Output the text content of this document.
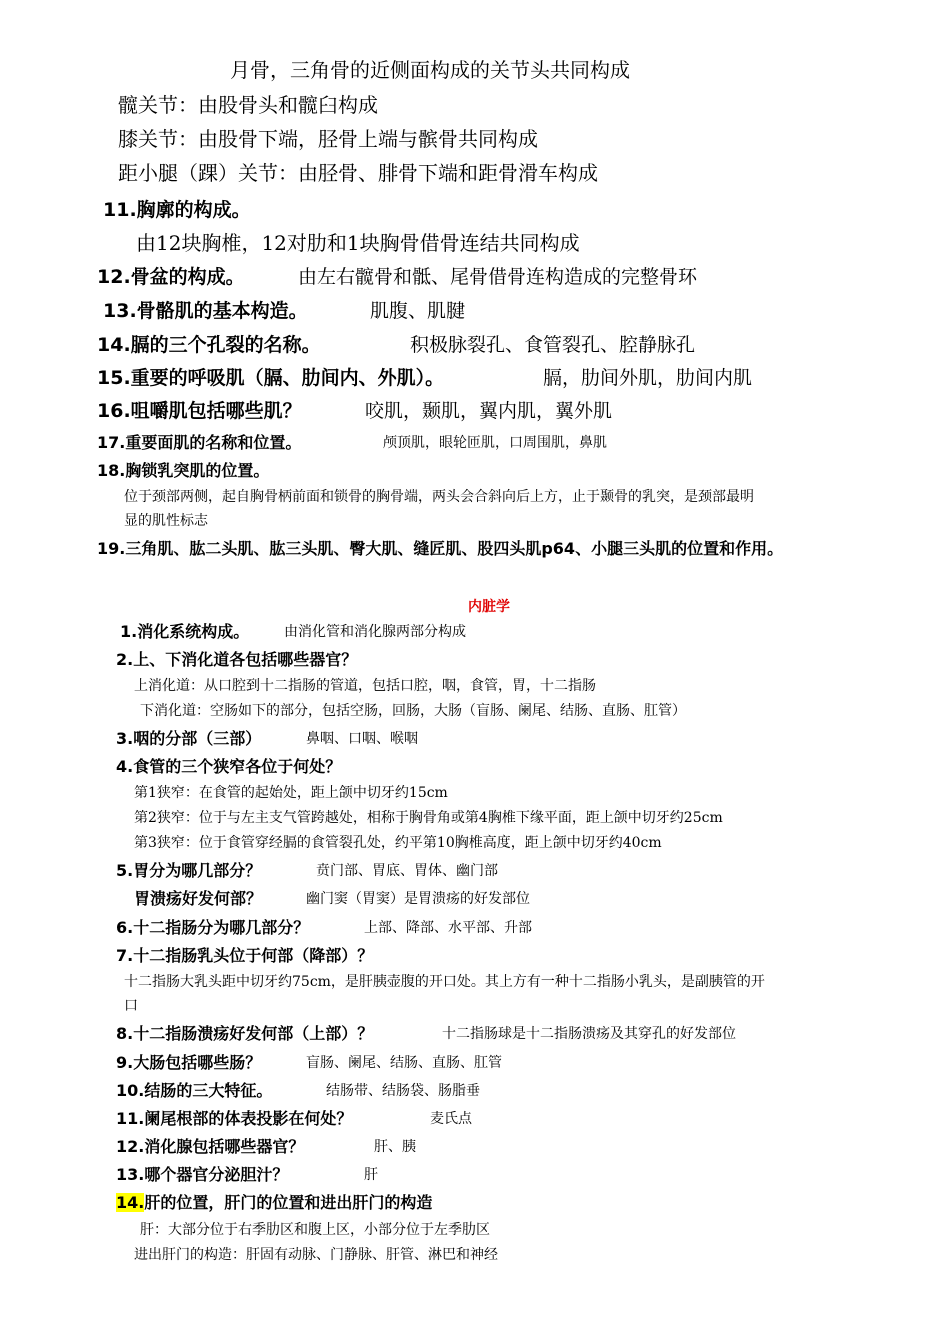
月骨，三角骨的近侧面构成的关节头共同构成
髋关节：由股骨头和髋臼构成
膝关节：由股骨下端，胫骨上端与髌骨共同构成
距小腿（踝）关节：由胫骨、腓骨下端和距骨滑车构成
11.胸廓的构成。
由12块胸椎，12对肋和1块胸骨借骨连结共同构成
12.骨盆的构成。	由左右髋骨和骶、尾骨借骨连构造成的完整骨环
13.骨骼肌的基本构造。	肌腹、肌腱
14.膈的三个孔裂的名称。	积极脉裂孔、食管裂孔、腔静脉孔
15.重要的呼吸肌（膈、肋间内、外肌）。	膈，肋间外肌，肋间内肌
16.咀嚼肌包括哪些肌？	咬肌，颞肌，翼内肌，翼外肌
17.重要面肌的名称和位置。	颅顶肌，眼轮匝肌，口周围肌，鼻肌
18.胸锁乳突肌的位置。
位于颈部两侧，起自胸骨柄前面和锁骨的胸骨端，两头会合斜向后上方，止于颞骨的乳突，是颈部最明
显的肌性标志
19.三角肌、肱二头肌、肱三头肌、臀大肌、缝匠肌、股四头肌p64、小腿三头肌的位置和作用。
内脏学
1.消化系统构成。 由消化管和消化腺两部分构成
2.上、下消化道各包括哪些器官？
上消化道：从口腔到十二指肠的管道，包括口腔，咽，食管，胃，十二指肠
下消化道：空肠如下的部分，包括空肠，回肠，大肠（盲肠、阑尾、结肠、直肠、肛管）
3.咽的分部（三部）	鼻咽、口咽、喉咽
4.食管的三个狭窄各位于何处？
第1狭窄：在食管的起始处，距上颌中切牙约15cm
第2狭窄：位于与左主支气管跨越处，相称于胸骨角或第4胸椎下缘平面，距上颌中切牙约25cm
第3狭窄：位于食管穿经膈的食管裂孔处，约平第10胸椎高度，距上颌中切牙约40cm
5.胃分为哪几部分？	贲门部、胃底、胃体、幽门部
胃溃疡好发何部？	幽门窦（胃窦）是胃溃疡的好发部位
6.十二指肠分为哪几部分？	上部、降部、水平部、升部
7.十二指肠乳头位于何部（降部）？
十二指肠大乳头距中切牙约75cm，是肝胰壶腹的开口处。其上方有一种十二指肠小乳头，是副胰管的开
口
8.十二指肠溃疡好发何部（上部）？	十二指肠球是十二指肠溃疡及其穿孔的好发部位
9.大肠包括哪些肠？	盲肠、阑尾、结肠、直肠、肛管
10.结肠的三大特征。	结肠带、结肠袋、肠脂垂
11.阑尾根部的体表投影在何处？	麦氏点
12.消化腺包括哪些器官？	肝、胰
13.哪个器官分泌胆汁？	肝
14.肝的位置，肝门的位置和进出肝门的构造
肝：大部分位于右季肋区和腹上区，小部分位于左季肋区
进出肝门的构造：肝固有动脉、门静脉、肝管、淋巴和神经
